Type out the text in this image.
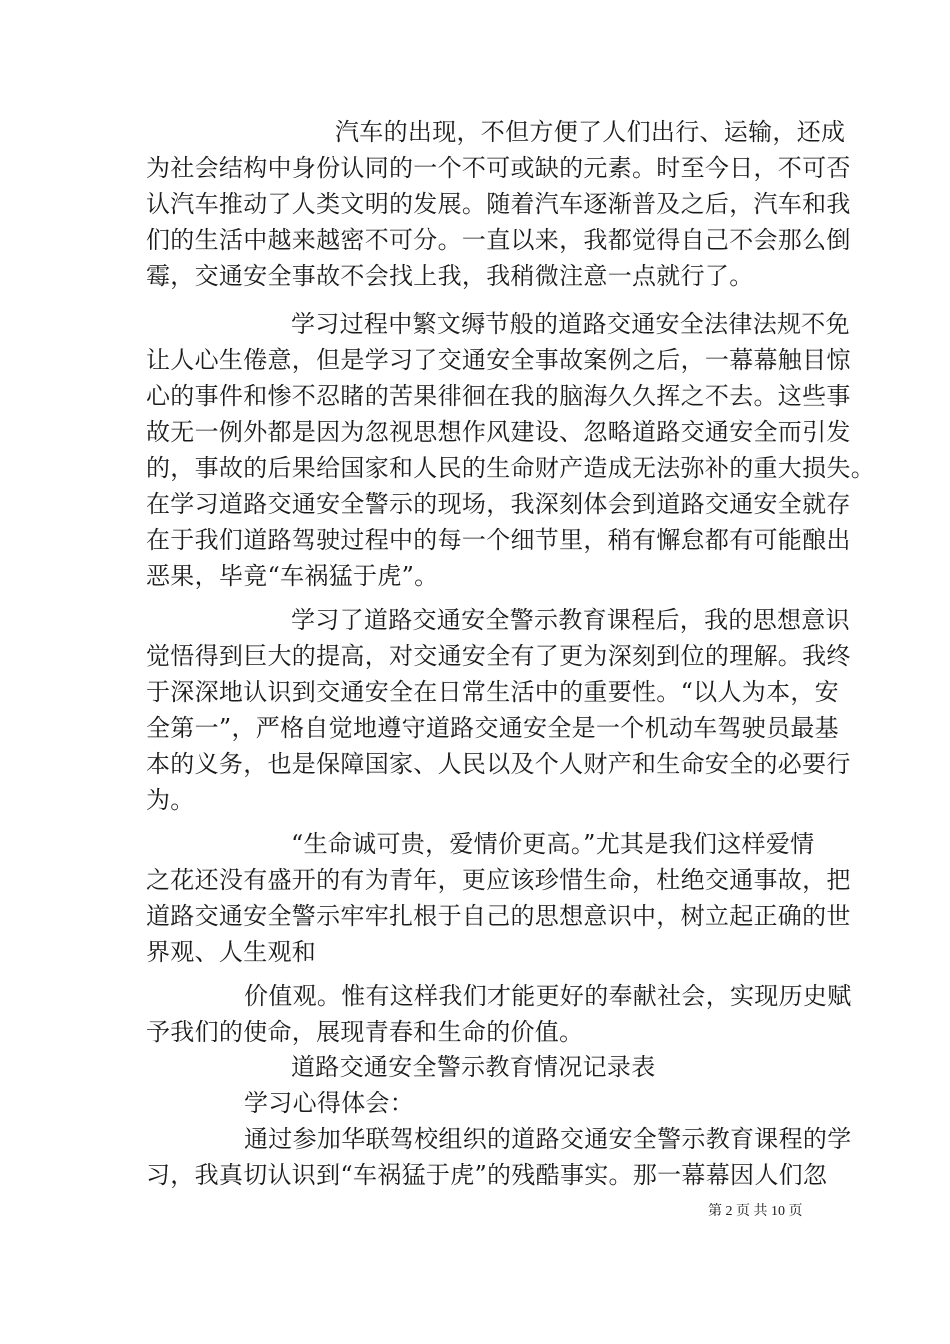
汽车的出现，不但方便了人们出行、运输，还成
为社会结构中身份认同的一个不可或缺的元素。时至今日，不可否
认汽车推动了人类文明的发展。随着汽车逐渐普及之后，汽车和我
们的生活中越来越密不可分。一直以来，我都觉得自己不会那么倒
霉，交通安全事故不会找上我，我稍微注意一点就行了。
学习过程中繁文缛节般的道路交通安全法律法规不免
让人心生倦意，但是学习了交通安全事故案例之后，一幕幕触目惊
心的事件和惨不忍睹的苦果徘徊在我的脑海久久挥之不去。这些事
故无一例外都是因为忽视思想作风建设、忽略道路交通安全而引发
的，事故的后果给国家和人民的生命财产造成无法弥补的重大损失。
在学习道路交通安全警示的现场，我深刻体会到道路交通安全就存
在于我们道路驾驶过程中的每一个细节里，稍有懈怠都有可能酿出
恶果，毕竟“车祸猛于虎”。
学习了道路交通安全警示教育课程后，我的思想意识
觉悟得到巨大的提高，对交通安全有了更为深刻到位的理解。我终
于深深地认识到交通安全在日常生活中的重要性。“以人为本，安
全第一”，严格自觉地遵守道路交通安全是一个机动车驾驶员最基
本的义务，也是保障国家、人民以及个人财产和生命安全的必要行
为。
“生命诚可贵，爱情价更高。”尤其是我们这样爱情
之花还没有盛开的有为青年，更应该珍惜生命，杜绝交通事故，把
道路交通安全警示牢牢扎根于自己的思想意识中，树立起正确的世
界观、人生观和
价值观。惟有这样我们才能更好的奉献社会，实现历史赋
予我们的使命，展现青春和生命的价值。
道路交通安全警示教育情况记录表
学习心得体会：
通过参加华联驾校组织的道路交通安全警示教育课程的学
习，我真切认识到“车祸猛于虎”的残酷事实。那一幕幕因人们忽
第 2 页 共 10 页
